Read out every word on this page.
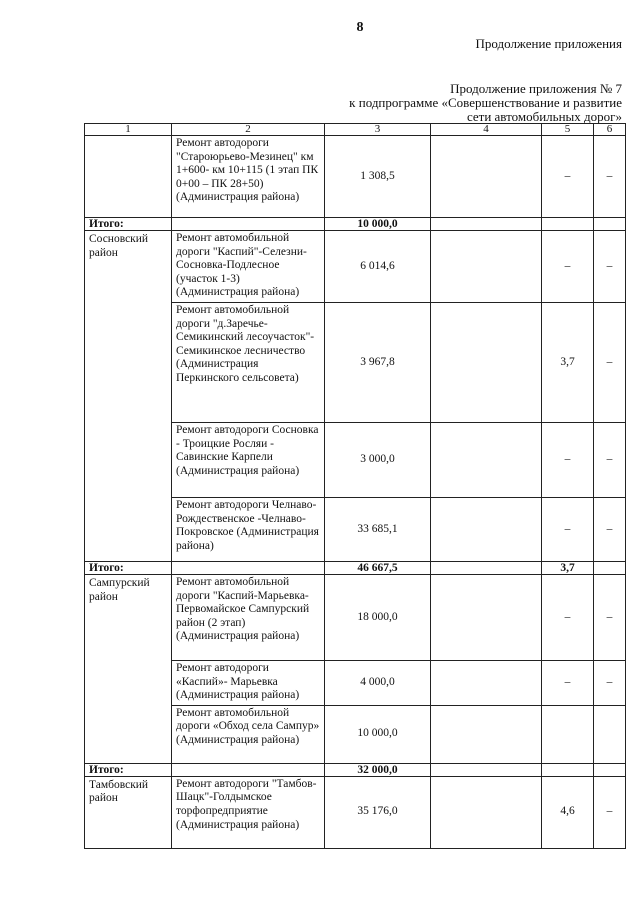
8
Продолжение приложения
Продолжение приложения № 7
к подпрограмме «Совершенствование и развитие
сети автомобильных дорог»
1	2	3	4	5	6
	Ремонт автодороги "Староюрьево-Мезинец" км 1+600- км 10+115 (1 этап ПК 0+00 – ПК 28+50) (Администрация района)	1 308,5		–	–
Итого:		10 000,0			
Сосновский район	Ремонт автомобильной дороги "Каспий"-Селезни-Сосновка-Подлесное (участок 1-3) (Администрация района)	6 014,6		–	–
	Ремонт автомобильной дороги "д.Заречье-Семикинский лесоучасток"-Семикинское лесничество (Администрация Перкинского сельсовета)	3 967,8		3,7	–
	Ремонт автодороги Сосновка - Троицкие Росляи - Савинские Карпели (Администрация района)	3 000,0		–	–
	Ремонт автодороги Челнаво- Рождественское -Челнаво-Покровское (Администрация района)	33 685,1		–	–
Итого:		46 667,5		3,7	
Сампурский район	Ремонт автомобильной дороги "Каспий-Марьевка-Первомайское Сампурский район (2 этап) (Администрация района)	18 000,0		–	–
	Ремонт автодороги «Каспий»- Марьевка (Администрация района)	4 000,0		–	–
	Ремонт автомобильной дороги «Обход села Сампур» (Администрация района)	10 000,0			
Итого:		32 000,0			
Тамбовский район	Ремонт автодороги "Тамбов-Шацк"-Голдымское торфопредприятие (Администрация района)	35 176,0		4,6	–
